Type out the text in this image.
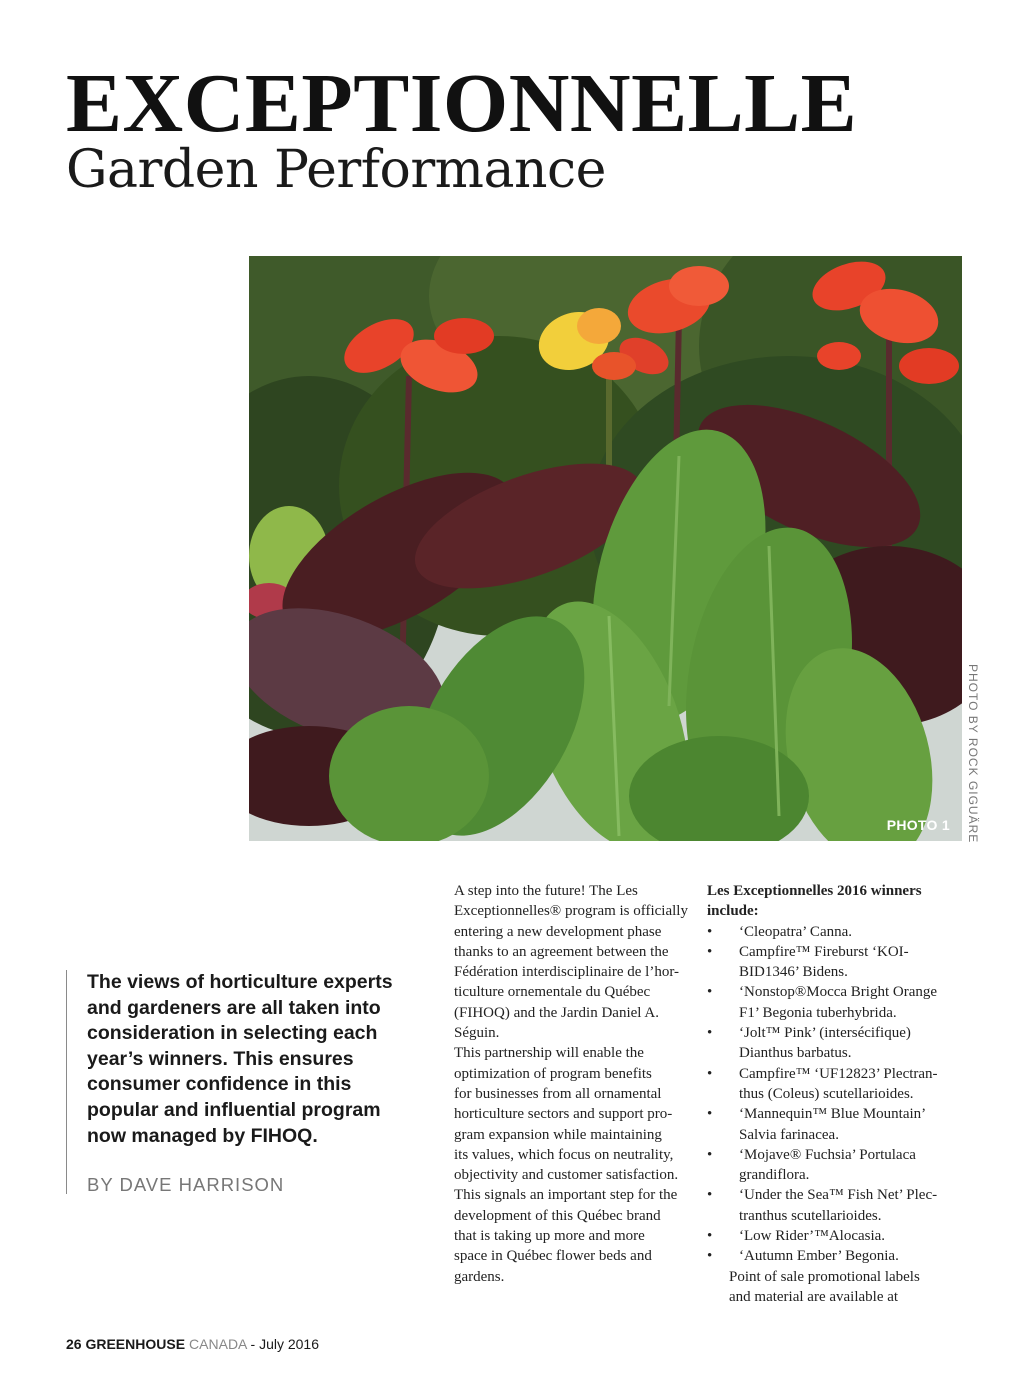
EXCEPTIONNELLE
Garden Performance
PHOTO 1	PHOTO BY ROCK GIGUÄRE

The views of horticulture experts and gardeners are all taken into consideration in selecting each year’s winners. This ensures consumer confidence in this popular and influential program now managed by FIHOQ.

BY DAVE HARRISON

A step into the future! The Les
Exceptionnelles® program is officially
entering a new development phase
thanks to an agreement between the
Fédération interdisciplinaire de l’hor-
ticulture ornementale du Québec
(FIHOQ) and the Jardin Daniel A.
Séguin.

This partnership will enable the
optimization of program benefits
for businesses from all ornamental
horticulture sectors and support pro-
gram expansion while maintaining
its values, which focus on neutrality,
objectivity and customer satisfaction.
This signals an important step for the
development of this Québec brand
that is taking up more and more
space in Québec flower beds and
gardens.

Les Exceptionnelles 2016 winners
include:

• ‘Cleopatra’ Canna.
• Campfire™ Fireburst ‘KOI-
BID1346’ Bidens.
• ‘Nonstop®Mocca Bright Orange
F1’ Begonia tuberhybrida.
• ‘Jolt™ Pink’ (intersécifique)
Dianthus barbatus.
• Campfire™ ‘UF12823’ Plectran-
thus (Coleus) scutellarioides.
• ‘Mannequin™ Blue Mountain’
Salvia farinacea.
• ‘Mojave® Fuchsia’ Portulaca
grandiflora.
• ‘Under the Sea™ Fish Net’ Plec-
tranthus scutellarioides.
• ‘Low Rider’™Alocasia.
• ‘Autumn Ember’ Begonia.

Point of sale promotional labels
and material are available at

26 GREENHOUSE CANADA - July 2016
